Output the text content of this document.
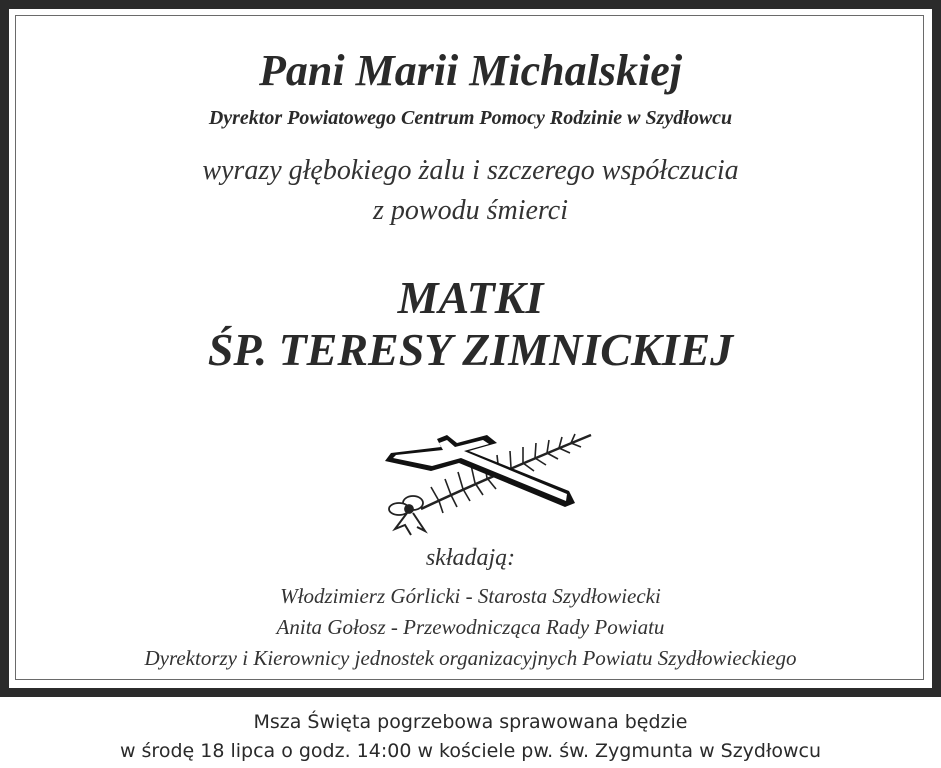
Pani Marii Michalskiej
Dyrektor Powiatowego Centrum Pomocy Rodzinie w Szydłowcu
wyrazy głębokiego żalu i szczerego współczucia
z powodu śmierci
MATKI
ŚP. TERESY ZIMNICKIEJ
składają:
Włodzimierz Górlicki - Starosta Szydłowiecki
Anita Gołosz - Przewodnicząca Rady Powiatu
Dyrektorzy i Kierownicy jednostek organizacyjnych Powiatu Szydłowieckiego
Msza Święta pogrzebowa sprawowana będzie
w środę 18 lipca o godz. 14:00 w kościele pw. św. Zygmunta w Szydłowcu
